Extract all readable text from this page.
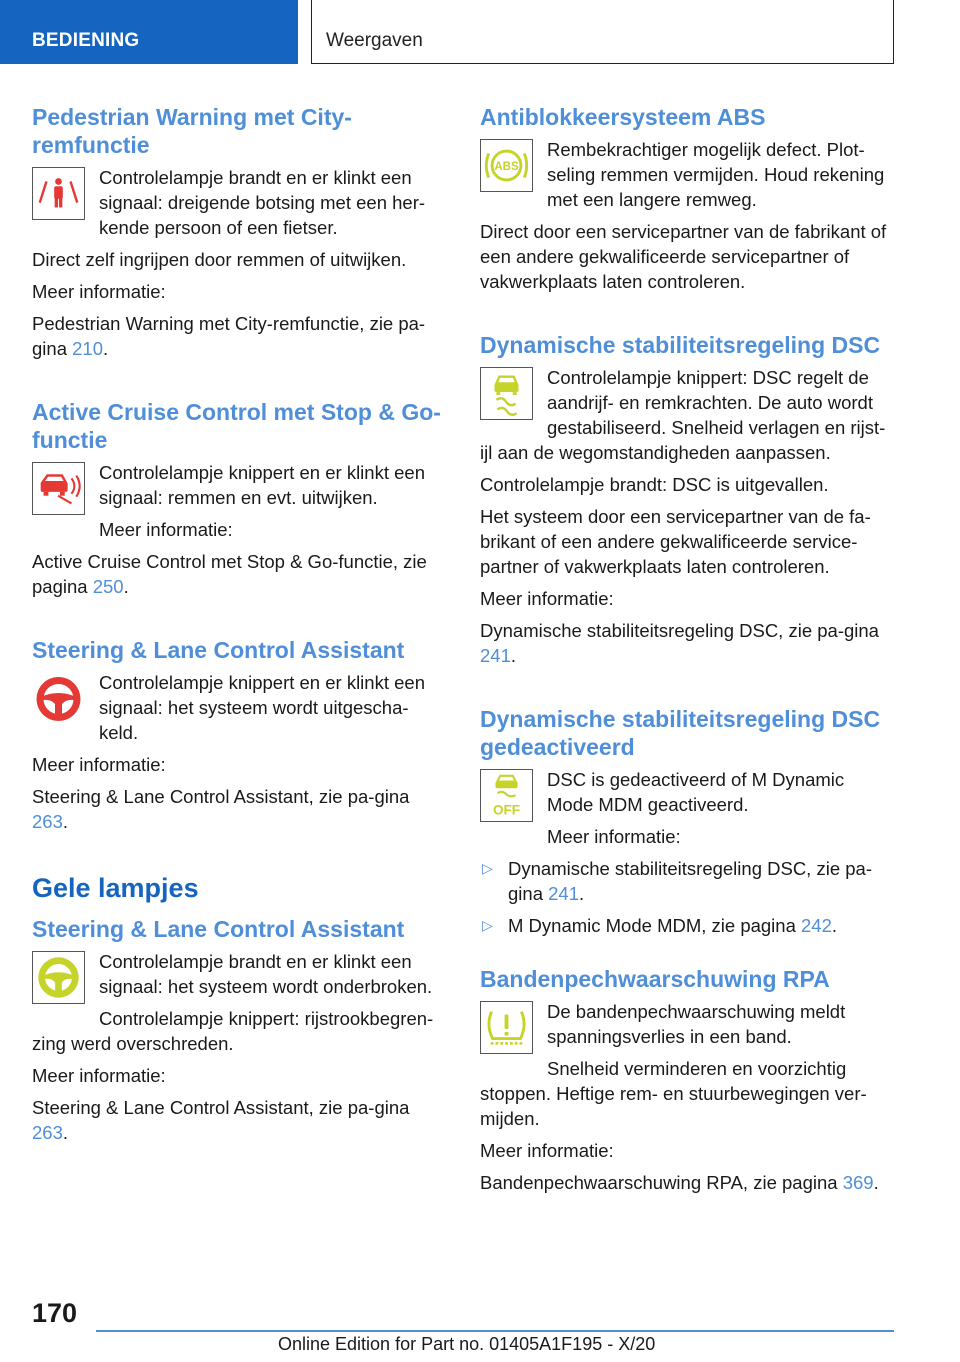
BEDIENING	Weergaven
Pedestrian Warning met City-remfunctie

Controlelampje brandt en er klinkt een signaal: dreigende botsing met een her-kende persoon of een fietser.

Direct zelf ingrijpen door remmen of uitwijken.

Meer informatie:

Pedestrian Warning met City-remfunctie, zie pa-gina 210.

Active Cruise Control met Stop & Go-functie

Controlelampje knippert en er klinkt een signaal: remmen en evt. uitwijken.

Meer informatie:

Active Cruise Control met Stop & Go-functie, zie pagina 250.

Steering & Lane Control Assistant

Controlelampje knippert en er klinkt een signaal: het systeem wordt uitgescha-keld.

Meer informatie:

Steering & Lane Control Assistant, zie pa-gina 263.

Gele lampjes
Steering & Lane Control Assistant

Controlelampje brandt en er klinkt een signaal: het systeem wordt onderbroken.

Controlelampje knippert: rijstrookbegren-zing werd overschreden.

Meer informatie:

Steering & Lane Control Assistant, zie pa-gina 263.

Antiblokkeersysteem ABS
ABS

Rembekrachtiger mogelijk defect. Plot-seling remmen vermijden. Houd rekening met een langere remweg.

Direct door een servicepartner van de fabrikant of een andere gekwalificeerde servicepartner of vakwerkplaats laten controleren.

Dynamische stabiliteitsregeling DSC

Controlelampje knippert: DSC regelt de aandrijf- en remkrachten. De auto wordt gestabiliseerd. Snelheid verlagen en rijst-ijl aan de wegomstandigheden aanpassen.

Controlelampje brandt: DSC is uitgevallen.

Het systeem door een servicepartner van de fa-brikant of een andere gekwalificeerde service-partner of vakwerkplaats laten controleren.

Meer informatie:

Dynamische stabiliteitsregeling DSC, zie pa-gina 241.

Dynamische stabiliteitsregeling DSC gedeactiveerd
OFF

DSC is gedeactiveerd of M Dynamic Mode MDM geactiveerd.

Meer informatie:

▷ Dynamische stabiliteitsregeling DSC, zie pa-gina 241.
▷ M Dynamic Mode MDM, zie pagina 242.
Bandenpechwaarschuwing RPA

De bandenpechwaarschuwing meldt spanningsverlies in een band.

Snelheid verminderen en voorzichtig stoppen. Heftige rem- en stuurbewegingen ver-mijden.

Meer informatie:

Bandenpechwaarschuwing RPA, zie pagina 369.

170
Online Edition for Part no. 01405A1F195 - X/20
